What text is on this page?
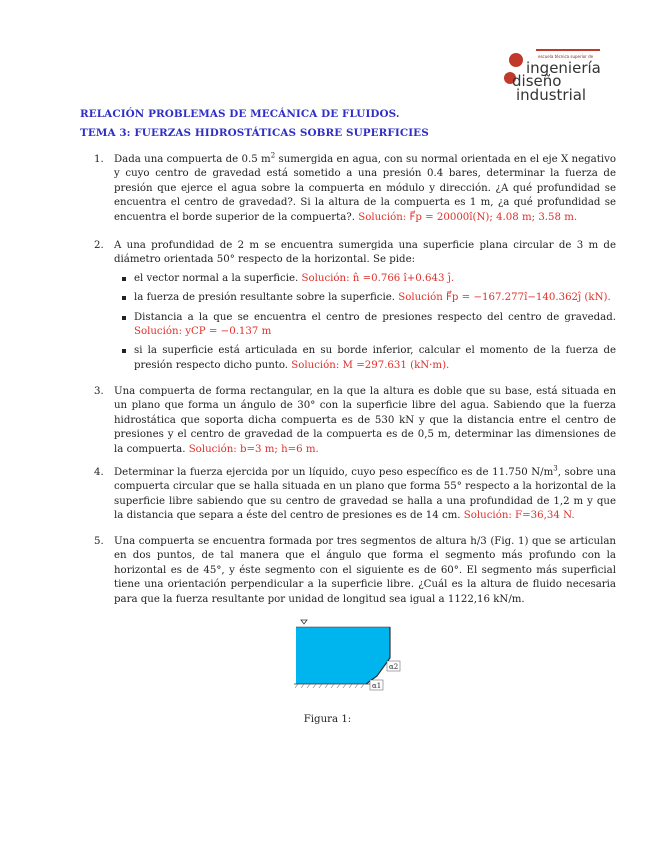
escuela técnica superior de
ingeniería
diseño
industrial
RELACIÓN PROBLEMAS DE MECÁNICA DE FLUIDOS.
TEMA 3: FUERZAS HIDROSTÁTICAS SOBRE SUPERFICIES
1. Dada una compuerta de 0.5 $m^2$ sumergida en agua, con su normal orientada en el eje X negativo y cuyo centro de gravedad está sometido a una presión 0.4 bares, determinar la fuerza de presión que ejerce el agua sobre la compuerta en módulo y dirección. ¿A qué profundidad se encuentra el centro de gravedad?. Si la altura de la compuerta es 1 m, ¿a qué profundidad se encuentra el borde superior de la compuerta?. Solución: F⃗p = 20000î(N); 4.08 m; 3.58 m.
2. A una profundidad de 2 m se encuentra sumergida una superficie plana circular de 3 m de diámetro orientada 50° respecto de la horizontal. Se pide:
el vector normal a la superficie. Solución: n̂ =0.766 î+0.643 ĵ.
la fuerza de presión resultante sobre la superficie. Solución F⃗p = −167.277î−140.362ĵ (kN).
Distancia a la que se encuentra el centro de presiones respecto del centro de gravedad. Solución: yCP = −0.137 m
si la superficie está articulada en su borde inferior, calcular el momento de la fuerza de presión respecto dicho punto. Solución: M =297.631 (kN·m).
3. Una compuerta de forma rectangular, en la que la altura es doble que su base, está situada en un plano que forma un ángulo de 30° con la superficie libre del agua. Sabiendo que la fuerza hidrostática que soporta dicha compuerta es de 530 kN y que la distancia entre el centro de presiones y el centro de gravedad de la compuerta es de 0,5 m, determinar las dimensiones de la compuerta. Solución: b=3 m; h=6 m.
4. Determinar la fuerza ejercida por un líquido, cuyo peso específico es de 11.750 $N/m^3$, sobre una compuerta circular que se halla situada en un plano que forma 55° respecto a la horizontal de la superficie libre sabiendo que su centro de gravedad se halla a una profundidad de 1,2 m y que la distancia que separa a éste del centro de presiones es de 14 cm. Solución: F=36,34 N.
5. Una compuerta se encuentra formada por tres segmentos de altura h/3 (Fig. 1) que se articulan en dos puntos, de tal manera que el ángulo que forma el segmento más profundo con la horizontal es de 45°, y éste segmento con el siguiente es de 60°. El segmento más superficial tiene una orientación perpendicular a la superficie libre. ¿Cuál es la altura de fluido necesaria para que la fuerza resultante por unidad de longitud sea igual a 1122,16 kN/m.
α2
α1
Figura 1:
